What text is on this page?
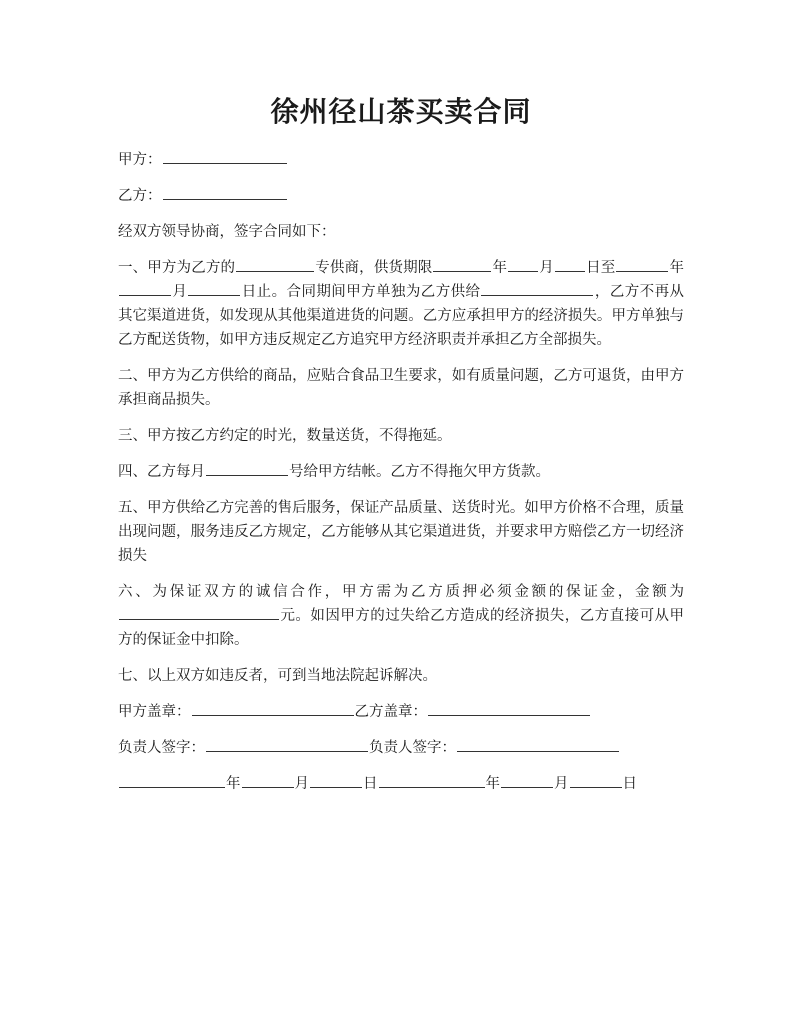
徐州径山茶买卖合同

甲方：

乙方：

经双方领导协商，签字合同如下：

一、甲方为乙方的	专供商，供货期限	年 月 日至	年月	日止。合同期间甲方单独为乙方供给	，乙方不再从其它渠道进货，如发现从其他渠道进货的问题。乙方应承担甲方的经济损失。甲方单独与乙方配送货物，如甲方违反规定乙方追究甲方经济职责并承担乙方全部损失。

二、甲方为乙方供给的商品，应贴合食品卫生要求，如有质量问题，乙方可退货，由甲方承担商品损失。

三、甲方按乙方约定的时光，数量送货，不得拖延。

四、乙方每月	号给甲方结帐。乙方不得拖欠甲方货款。

五、甲方供给乙方完善的售后服务，保证产品质量、送货时光。如甲方价格不合理，质量出现问题，服务违反乙方规定，乙方能够从其它渠道进货，并要求甲方赔偿乙方一切经济损失

六、为保证双方的诚信合作，甲方需为乙方质押必须金额的保证金，金额为元。如因甲方的过失给乙方造成的经济损失，乙方直接可从甲方的保证金中扣除。

七、以上双方如违反者，可到当地法院起诉解决。

甲方盖章：	乙方盖章：

负责人签字：	负责人签字：

年	月	日	年	月	日
